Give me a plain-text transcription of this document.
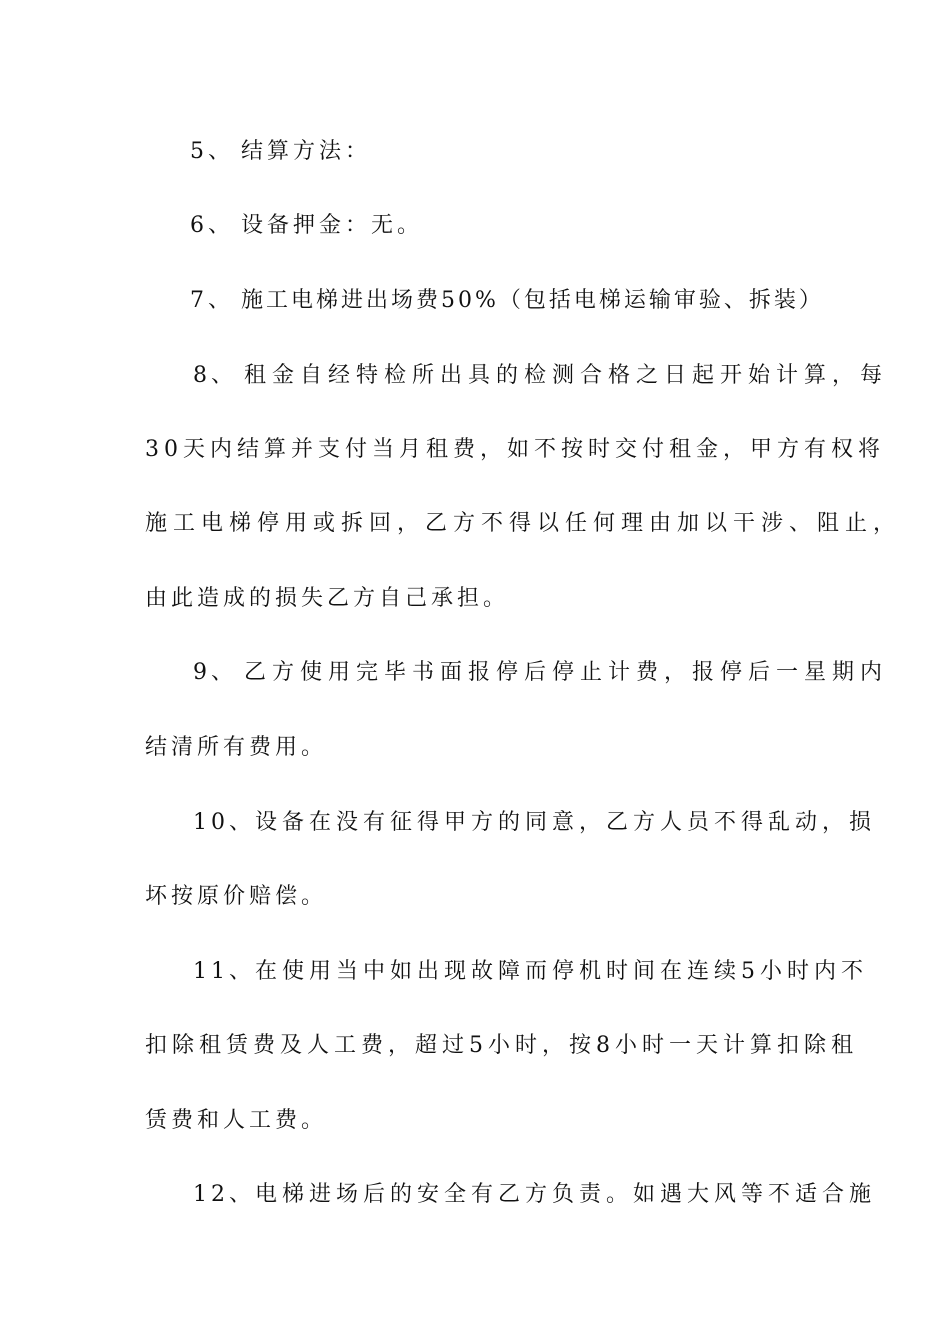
5、 结算方法：
6、 设备押金：无。
7、 施工电梯进出场费50%（包括电梯运输审验、拆装）
8、 租金自经特检所出具的检测合格之日起开始计算，每
30天内结算并支付当月租费，如不按时交付租金，甲方有权将
施工电梯停用或拆回，乙方不得以任何理由加以干涉、阻止，
由此造成的损失乙方自己承担。
9、 乙方使用完毕书面报停后停止计费，报停后一星期内
结清所有费用。
10、 设备在没有征得甲方的同意，乙方人员不得乱动，损
坏按原价赔偿。
11、 在使用当中如出现故障而停机时间在连续5小时内不
扣除租赁费及人工费，超过5小时，按8小时一天计算扣除租
赁费和人工费。
12、 电梯进场后的安全有乙方负责。如遇大风等不适合施
